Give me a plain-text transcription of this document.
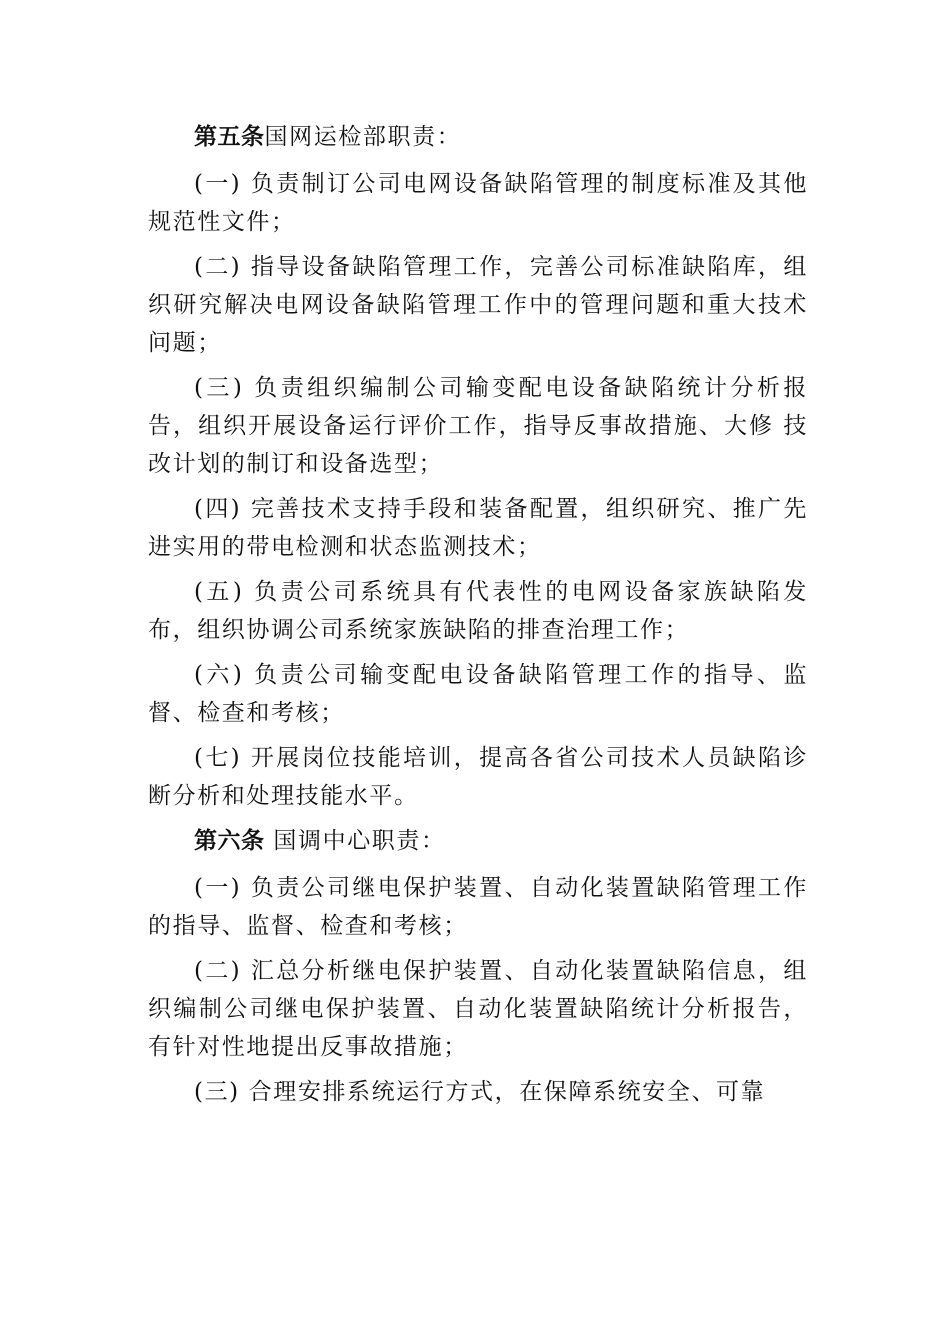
第五条国网运检部职责：

(一) 负责制订公司电网设备缺陷管理的制度标准及其他规范性文件；

(二) 指导设备缺陷管理工作，完善公司标准缺陷库，组织研究解决电网设备缺陷管理工作中的管理问题和重大技术问题；

(三) 负责组织编制公司输变配电设备缺陷统计分析报告，组织开展设备运行评价工作，指导反事故措施、大修 技改计划的制订和设备选型；

(四) 完善技术支持手段和装备配置，组织研究、推广先进实用的带电检测和状态监测技术；

(五) 负责公司系统具有代表性的电网设备家族缺陷发布，组织协调公司系统家族缺陷的排查治理工作；

(六) 负责公司输变配电设备缺陷管理工作的指导、监督、检查和考核；

(七) 开展岗位技能培训，提高各省公司技术人员缺陷诊断分析和处理技能水平。

第六条 国调中心职责：

(一) 负责公司继电保护装置、自动化装置缺陷管理工作的指导、监督、检查和考核；

(二) 汇总分析继电保护装置、自动化装置缺陷信息，组织编制公司继电保护装置、自动化装置缺陷统计分析报告， 有针对性地提出反事故措施；

(三) 合理安排系统运行方式，在保障系统安全、可靠
